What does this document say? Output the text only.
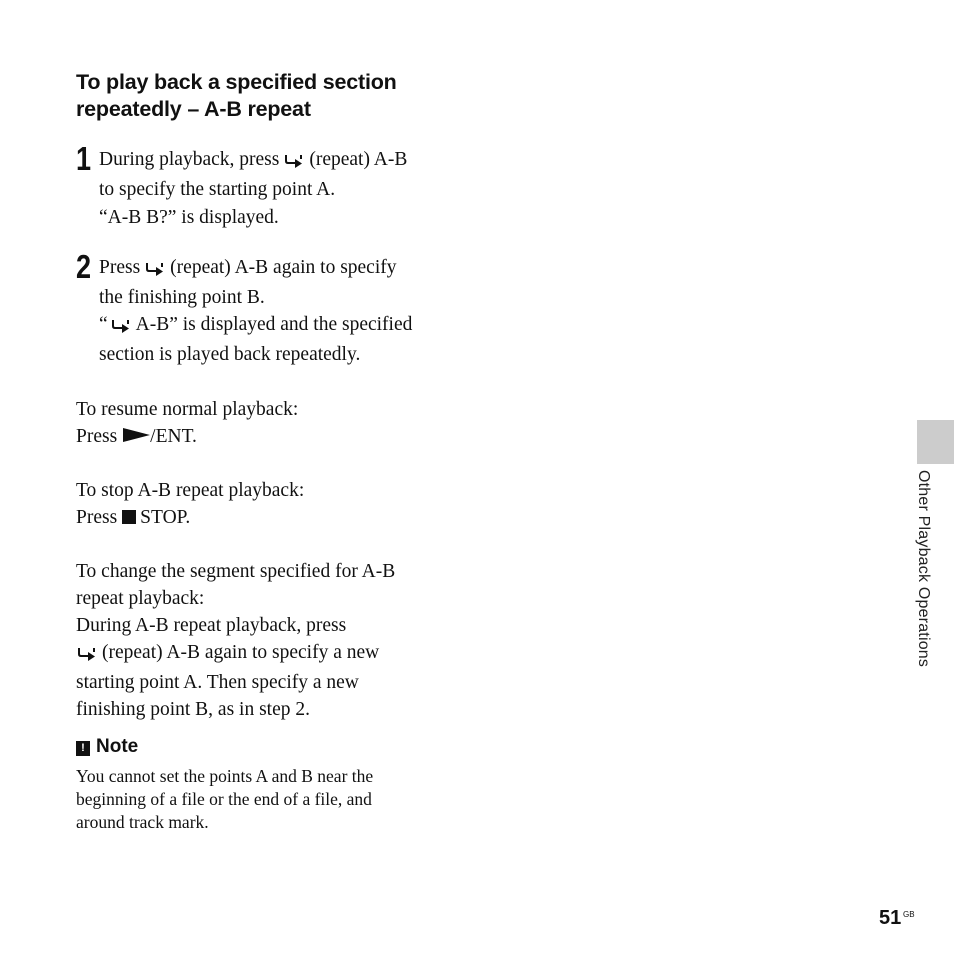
To play back a specified section
repeatedly – A-B repeat
1 During playback, press (repeat) A-B
to specify the starting point A.
“A-B B?” is displayed.
2 Press (repeat) A-B again to specify
the finishing point B.
“ A-B” is displayed and the specified
section is played back repeatedly.
To resume normal playback:
Press /ENT.
To stop A-B repeat playback:
Press STOP.
To change the segment specified for A-B
repeat playback:
During A-B repeat playback, press
(repeat) A-B again to specify a new
starting point A. Then specify a new
finishing point B, as in step 2.
! Note
You cannot set the points A and B near the
beginning of a file or the end of a file, and
around track mark.
Other Playback Operations
51 GB
